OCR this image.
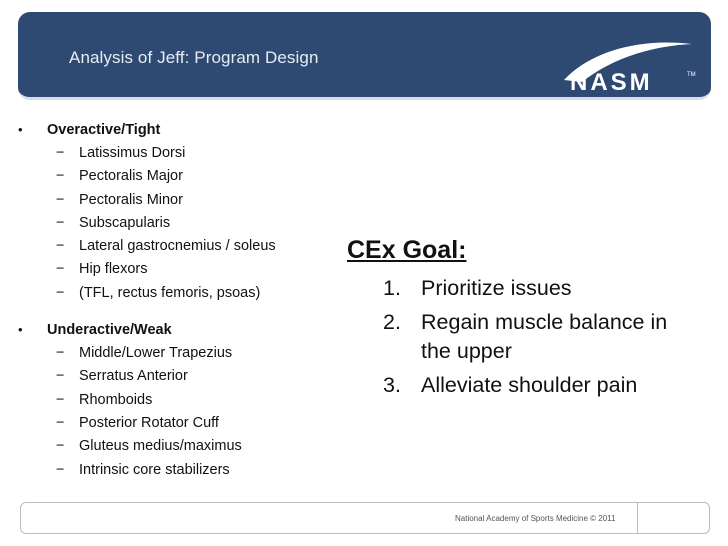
Analysis of Jeff: Program Design
NASM	TM
• Overactive/Tight
− Latissimus Dorsi
− Pectoralis Major
− Pectoralis Minor
− Subscapularis
− Lateral gastrocnemius / soleus
− Hip flexors
− (TFL, rectus femoris, psoas)
• Underactive/Weak
− Middle/Lower Trapezius
− Serratus Anterior
− Rhomboids
− Posterior Rotator Cuff
− Gluteus medius/maximus
− Intrinsic core stabilizers
CEx Goal:
1. Prioritize issues
2. Regain muscle balance in the upper
3. Alleviate shoulder pain
National Academy of Sports Medicine © 2011
